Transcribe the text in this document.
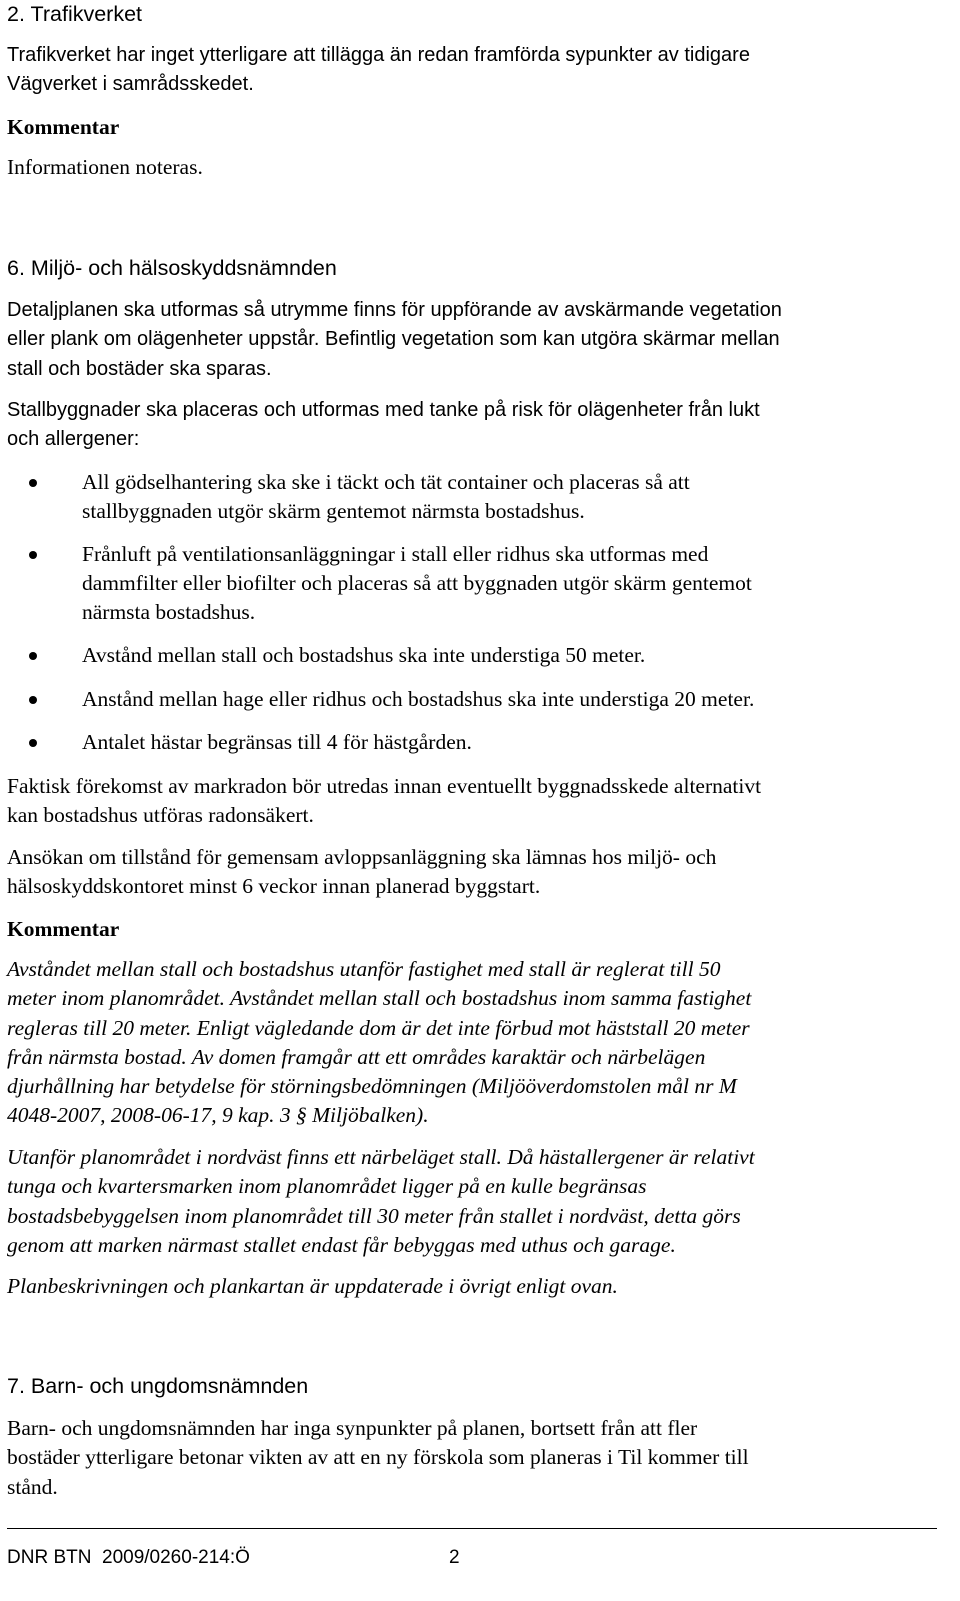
2. Trafikverket

Trafikverket har inget ytterligare att tillägga än redan framförda sypunkter av tidigare

Vägverket i samrådsskedet.

Kommentar

Informationen noteras.

6. Miljö- och hälsoskyddsnämnden

Detaljplanen ska utformas så utrymme finns för uppförande av avskärmande vegetation

eller plank om olägenheter uppstår. Befintlig vegetation som kan utgöra skärmar mellan

stall och bostäder ska sparas.

Stallbyggnader ska placeras och utformas med tanke på risk för olägenheter från lukt

och allergener:

All gödselhantering ska ske i täckt och tät container och placeras så att
stallbyggnaden utgör skärm gentemot närmsta bostadshus.
Frånluft på ventilationsanläggningar i stall eller ridhus ska utformas med
dammfilter eller biofilter och placeras så att byggnaden utgör skärm gentemot
närmsta bostadshus.
Avstånd mellan stall och bostadshus ska inte understiga 50 meter.
Anstånd mellan hage eller ridhus och bostadshus ska inte understiga 20 meter.
Antalet hästar begränsas till 4 för hästgården.

Faktisk förekomst av markradon bör utredas innan eventuellt byggnadsskede alternativt

kan bostadshus utföras radonsäkert.

Ansökan om tillstånd för gemensam avloppsanläggning ska lämnas hos miljö- och

hälsoskyddskontoret minst 6 veckor innan planerad byggstart.

Kommentar

Avståndet mellan stall och bostadshus utanför fastighet med stall är reglerat till 50

meter inom planområdet. Avståndet mellan stall och bostadshus inom samma fastighet

regleras till 20 meter. Enligt vägledande dom är det inte förbud mot häststall 20 meter

från närmsta bostad. Av domen framgår att ett områdes karaktär och närbelägen

djurhållning har betydelse för störningsbedömningen (Miljööverdomstolen mål nr M

4048-2007, 2008-06-17, 9 kap. 3 § Miljöbalken).

Utanför planområdet i nordväst finns ett närbeläget stall. Då hästallergener är relativt

tunga och kvartersmarken inom planområdet ligger på en kulle begränsas

bostadsbebyggelsen inom planområdet till 30 meter från stallet i nordväst, detta görs

genom att marken närmast stallet endast får bebyggas med uthus och garage.

Planbeskrivningen och plankartan är uppdaterade i övrigt enligt ovan.

7. Barn- och ungdomsnämnden

Barn- och ungdomsnämnden har inga synpunkter på planen, bortsett från att fler

bostäder ytterligare betonar vikten av att en ny förskola som planeras i Til kommer till

stånd.

DNR BTN  2009/0260-214:Ö	2
